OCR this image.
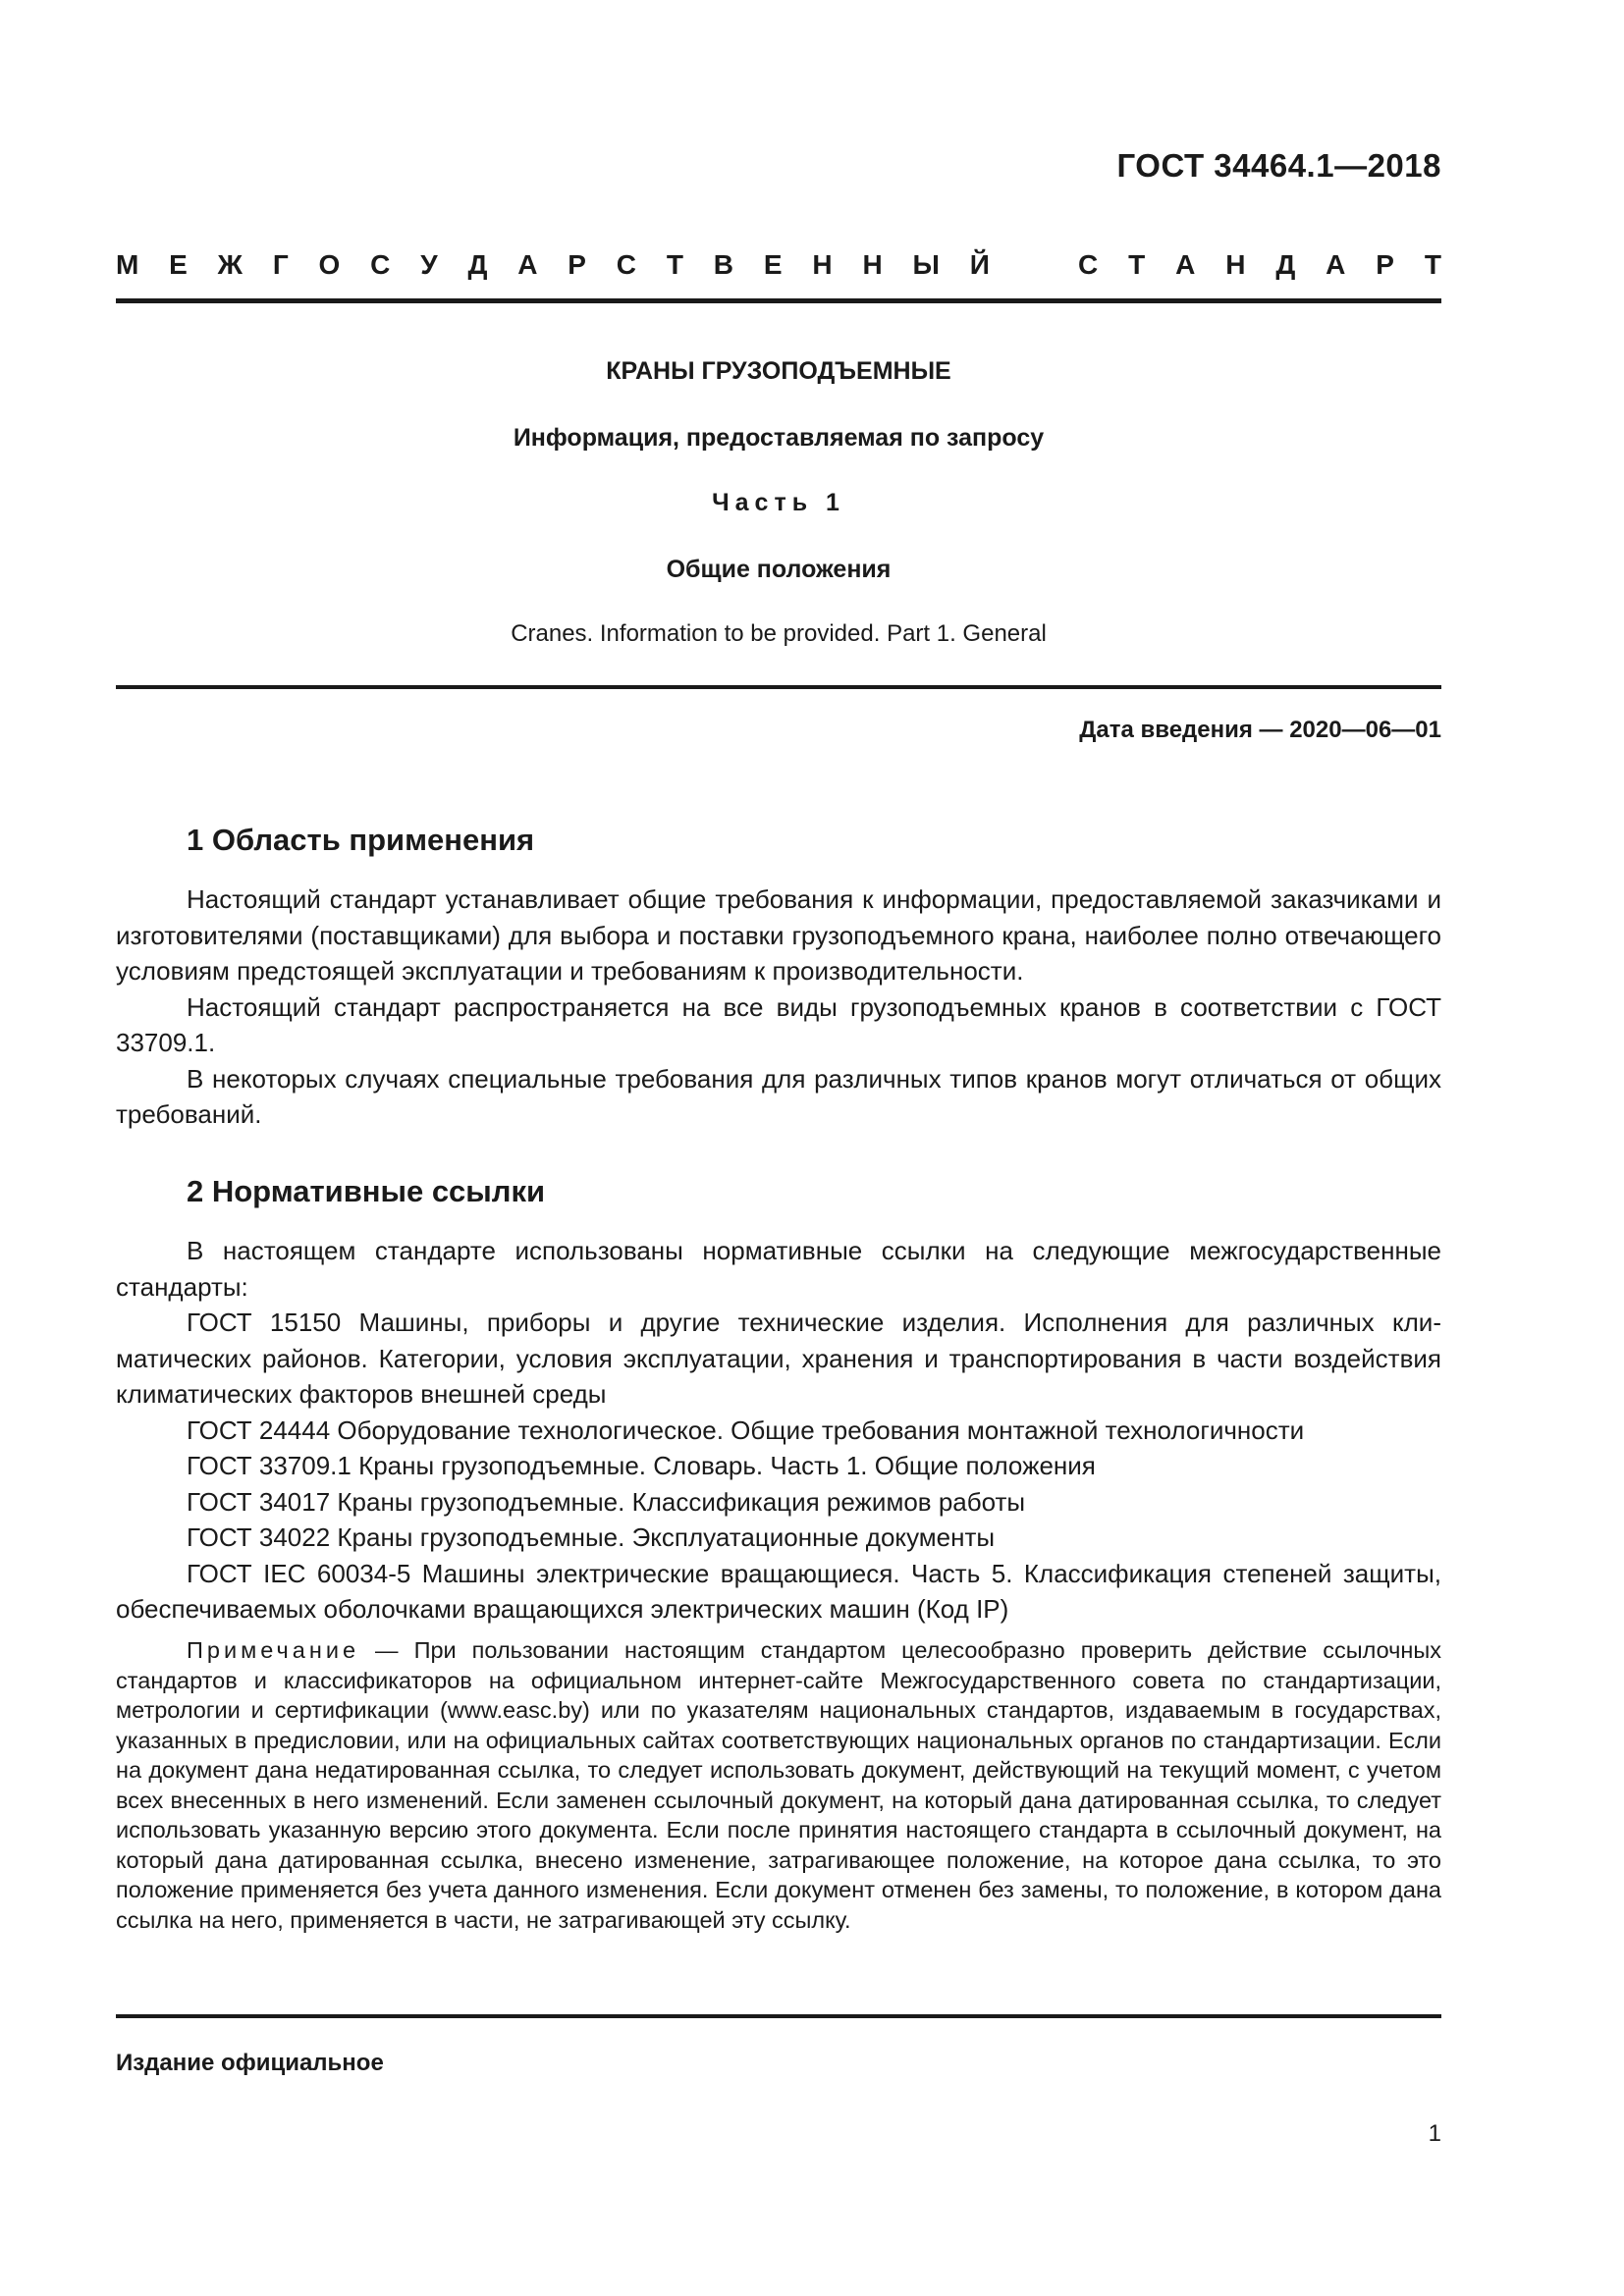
ГОСТ 34464.1—2018
М Е Ж Г О С У Д А Р С Т В Е Н Н Ы Й	С Т А Н Д А Р Т
КРАНЫ ГРУЗОПОДЪЕМНЫЕ
Информация, предоставляемая по запросу
Часть 1
Общие положения
Cranes. Information to be provided. Part 1. General
Дата введения — 2020—06—01
1 Область применения

Настоящий стандарт устанавливает общие требования к информации, предоставляемой заказчиками и изготовителями (поставщиками) для выбора и поставки грузоподъемного крана, наиболее полно отвечающего условиям предстоящей эксплуатации и требованиям к производительности.

Настоящий стандарт распространяется на все виды грузоподъемных кранов в соответствии с ГОСТ 33709.1.

В некоторых случаях специальные требования для различных типов кранов могут отличаться от общих требований.

2 Нормативные ссылки

В настоящем стандарте использованы нормативные ссылки на следующие межгосударственные стандарты:

ГОСТ 15150 Машины, приборы и другие технические изделия. Исполнения для различных климатических районов. Категории, условия эксплуатации, хранения и транспортирования в части воздействия климатических факторов внешней среды

ГОСТ 24444 Оборудование технологическое. Общие требования монтажной технологичности

ГОСТ 33709.1 Краны грузоподъемные. Словарь. Часть 1. Общие положения

ГОСТ 34017 Краны грузоподъемные. Классификация режимов работы

ГОСТ 34022 Краны грузоподъемные. Эксплуатационные документы

ГОСТ IEC 60034-5 Машины электрические вращающиеся. Часть 5. Классификация степеней защиты, обеспечиваемых оболочками вращающихся электрических машин (Код IP)

Примечание — При пользовании настоящим стандартом целесообразно проверить действие ссылочных стандартов и классификаторов на официальном интернет-сайте Межгосударственного совета по стандартизации, метрологии и сертификации (www.easc.by) или по указателям национальных стандартов, издаваемым в государствах, указанных в предисловии, или на официальных сайтах соответствующих национальных органов по стандартизации. Если на документ дана недатированная ссылка, то следует использовать документ, действующий на текущий момент, с учетом всех внесенных в него изменений. Если заменен ссылочный документ, на который дана датированная ссылка, то следует использовать указанную версию этого документа. Если после принятия настоящего стандарта в ссылочный документ, на который дана датированная ссылка, внесено изменение, затрагивающее положение, на которое дана ссылка, то это положение применяется без учета данного изменения. Если документ отменен без замены, то положение, в котором дана ссылка на него, применяется в части, не затрагивающей эту ссылку.

Издание официальное
1
